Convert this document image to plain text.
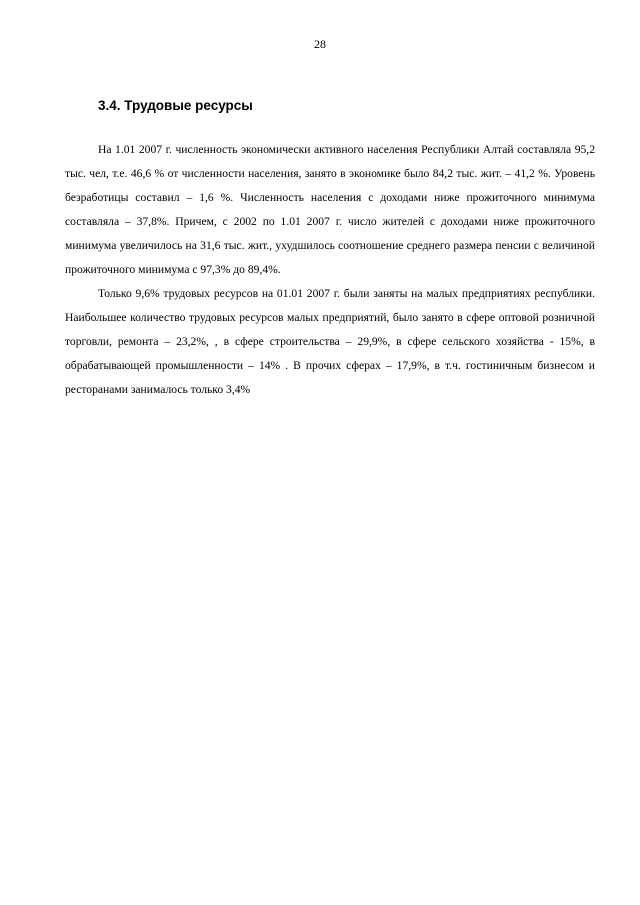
28
3.4. Трудовые ресурсы

На 1.01 2007 г. численность экономически активного населения Республики Алтай составляла 95,2 тыс. чел, т.е. 46,6 % от численности населения, занято в экономике было 84,2 тыс. жит. – 41,2 %. Уровень безработицы составил – 1,6 %. Численность населения с доходами ниже прожиточного минимума составляла – 37,8%. Причем, с 2002 по 1.01 2007 г. число жителей с доходами ниже прожиточного минимума увеличилось на 31,6 тыс. жит., ухудшилось соотношение среднего размера пенсии с величиной прожиточного минимума с 97,3% до 89,4%.

Только 9,6% трудовых ресурсов на 01.01 2007 г. были заняты на малых предприятиях республики. Наибольшее количество трудовых ресурсов малых предприятий, было занято в сфере оптовой розничной торговли, ремонта – 23,2%, , в сфере строительства – 29,9%, в сфере сельского хозяйства - 15%, в обрабатывающей промышленности – 14% . В прочих сферах – 17,9%, в т.ч. гостиничным бизнесом и ресторанами занималось только 3,4%
